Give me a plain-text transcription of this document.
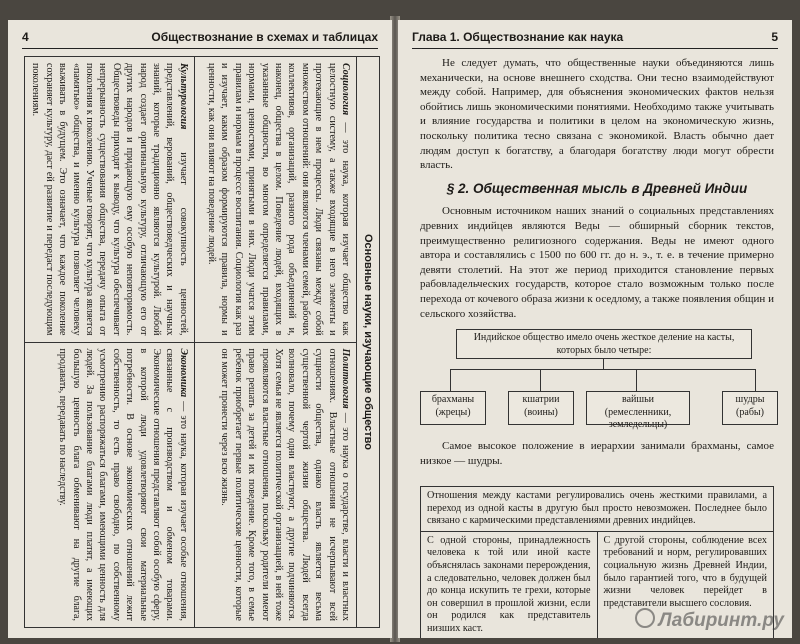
4	Обществознание в схемах и таблицах
Основные науки, изучающие общество
Социология — это наука, которая изучает общество как целостную систему, а также входящие в него элементы и протекающие в нем процессы. Люди связаны между собой множеством отношений: они являются членами семей, рабочих коллективов, организаций, разного рода объединений и, наконец, общества в целом. Поведение людей, входящих в указанные общности, во многом определяется правилами, нормами, ценностями, принятыми в них. Люди учатся этим правилам и нормам в процессе воспитания. Социология как раз и изучает, каким образом формируются правила, нормы и ценности, как они влияют на поведение людей.
Политология — это наука о государстве, власти и властных отношениях. Властные отношения не исчерпывают всей сущности общества, однако власть является весьма существенной чертой жизни общества. Людей всегда волновало, почему одни властвуют, а другие подчиняются. Хотя семья не является политической организацией, в ней тоже проявляются властные отношения, поскольку родители имеют право решать за детей и их поведение. Кроме того, в семье ребенок приобретает первые политические ценности, которые он может пронести через всю жизнь.
Культурология изучает совокупность ценностей, представлений, верований, обществоведческих и научных знаний, которые традиционно являются культурой. Любой народ создает оригинальную культуру, отличающую его от других народов и придающую ему особую неповторимость. Обществоведы приходят к выводу, что культура обеспечивает непрерывность существования общества, передачу опыта от поколения к поколению. Ученые говорят, что культура является «памятью» общества, и именно культура позволяет человеку выживать в будущем. Это означает, что каждое поколение сохраняет культуру, даст ей развитие и передаст последующим поколениям.
Экономика — это наука, которая изучает особые отношения, связанные с производством и обменом товарами. Экономические отношения представляют собой особую сферу, в которой люди удовлетворяют свои материальные потребности. В основе экономических отношений лежит собственность, то есть право свободно, по собственному усмотрению распоряжаться благами, имеющими ценность для людей. За пользование благами люди платят, а имеющих большую ценность блага обменивают на другие блага, продавать, передавать по наследству.
Глава 1. Обществознание как наука	5

Не следует думать, что общественные науки объединяются лишь механически, на основе внешнего сходства. Они тесно взаимодействуют между собой. Например, для объяснения экономических фактов нельзя обойтись лишь экономическими понятиями. Необходимо также учитывать и влияние государства и политики в целом на экономическую жизнь, поскольку политика тесно связана с экономикой. Власть обычно дает людям доступ к богатству, а благодаря богатству люди могут обрести власть.

§ 2. Общественная мысль в Древней Индии

Основным источником наших знаний о социальных представлениях древних индийцев являются Веды — обширный сборник текстов, преимущественно религиозного содержания. Веды не имеют одного автора и составлялись с 1500 по 600 гг. до н. э., т. е. в течение примерно девяти столетий. На этот же период приходится становление первых рабовладельческих государств, которое стало возможным только после перехода от кочевого образа жизни к оседлому, а также появления общин и сельского хозяйства.

Индийское общество имело очень жесткое деление на касты, которых было четыре:
брахманы (жрецы)
кшатрии (воины)
вайшьи (ремесленники, земледельцы)
шудры (рабы)

Самое высокое положение в иерархии занимали брахманы, самое низкое — шудры.

Отношения между кастами регулировались очень жесткими правилами, а переход из одной касты в другую был просто невозможен. Последнее было связано с кармическими представлениями древних индийцев.
С одной стороны, принадлежность человека к той или иной касте объяснялась законами перерождения, а следовательно, человек должен был до конца искупить те грехи, которые он совершил в прошлой жизни, если он родился как представитель низших каст.
С другой стороны, соблюдение всех требований и норм, регулировавших социальную жизнь Древней Индии, было гарантией того, что в будущей жизни человек перейдет в представители высшего сословия.
Лабиринт.ру
